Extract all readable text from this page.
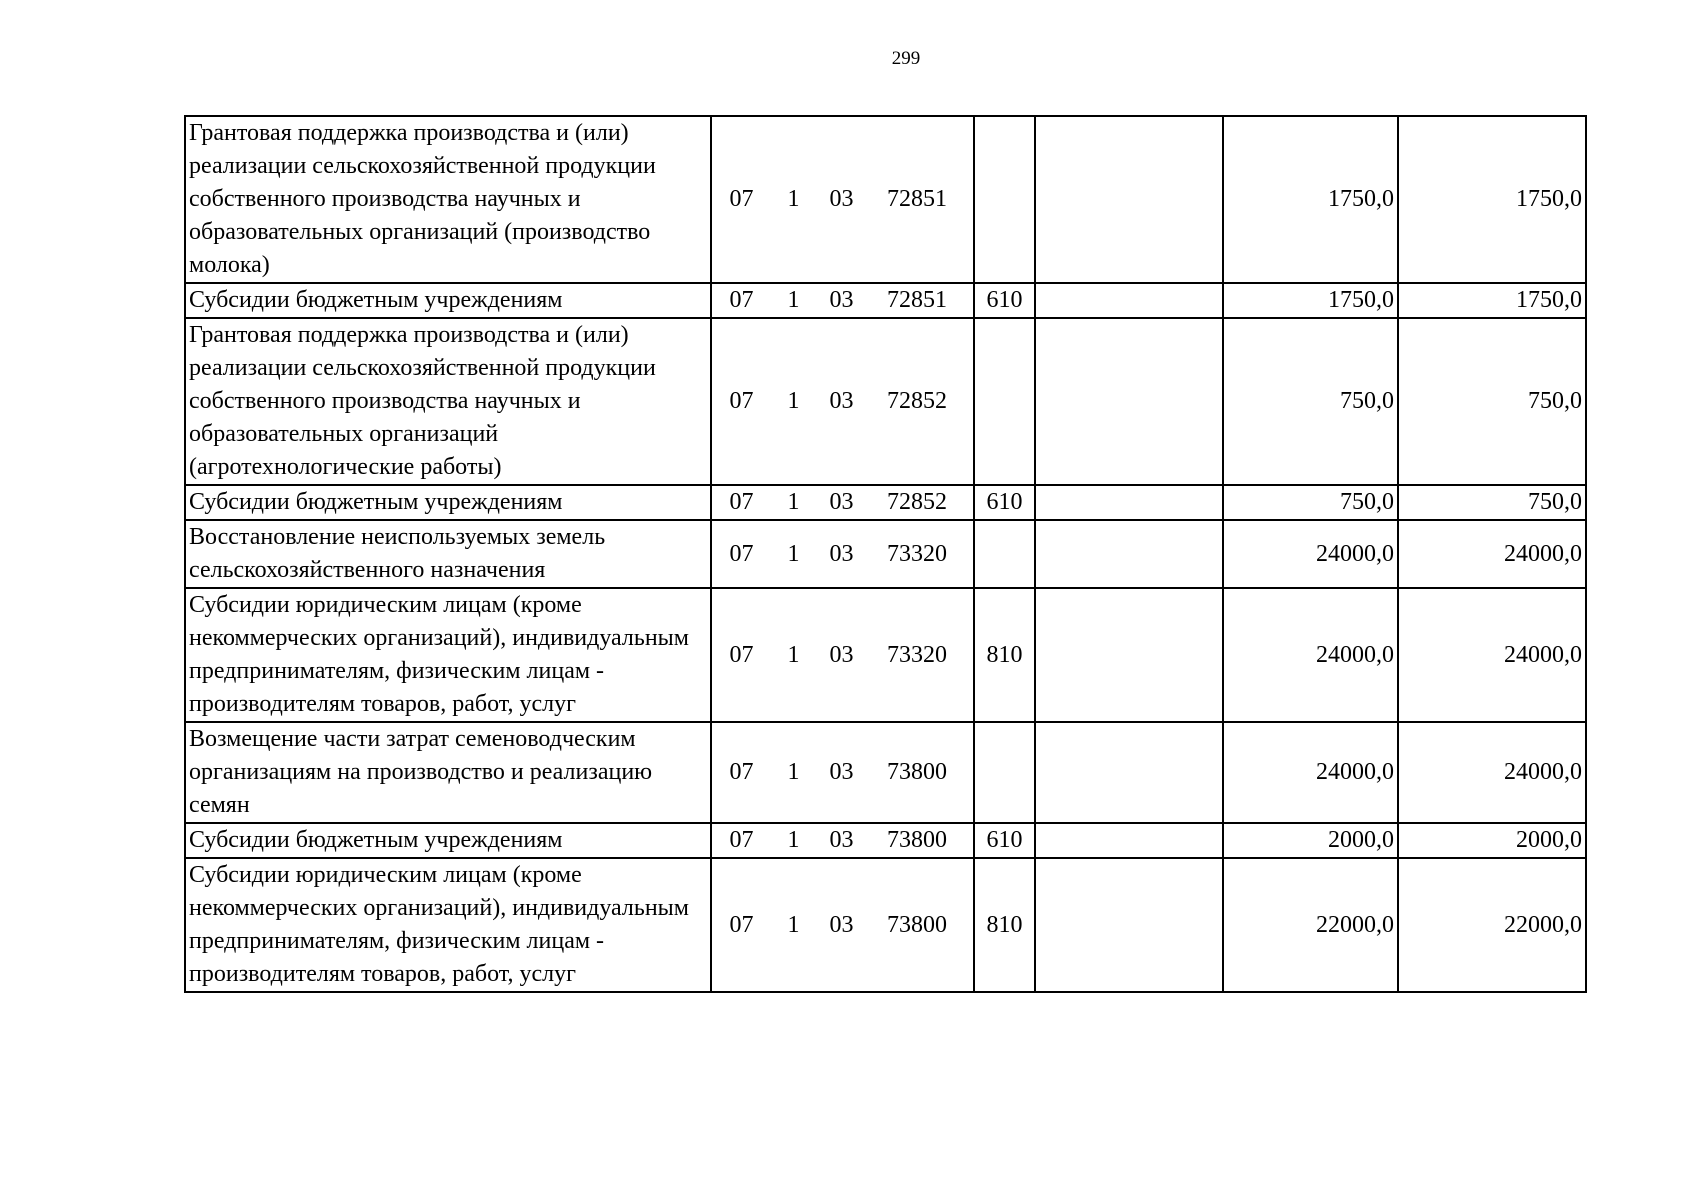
299
Грантовая поддержка производства и (или) реализации сельскохозяйственной продукции собственного производства научных и образовательных организаций (производство молока)	07 1 03 72851			1750,0	1750,0
Субсидии бюджетным учреждениям	07 1 03 72851	610		1750,0	1750,0
Грантовая поддержка производства и (или) реализации сельскохозяйственной продукции собственного производства научных и образовательных организаций (агротехнологические работы)	07 1 03 72852			750,0	750,0
Субсидии бюджетным учреждениям	07 1 03 72852	610		750,0	750,0
Восстановление неиспользуемых земель сельскохозяйственного назначения	07 1 03 73320			24000,0	24000,0
Субсидии юридическим лицам (кроме некоммерческих организаций), индивидуальным предпринимателям, физическим лицам - производителям товаров, работ, услуг	07 1 03 73320	810		24000,0	24000,0
Возмещение части затрат семеноводческим организациям на производство и реализацию семян	07 1 03 73800			24000,0	24000,0
Субсидии бюджетным учреждениям	07 1 03 73800	610		2000,0	2000,0
Субсидии юридическим лицам (кроме некоммерческих организаций), индивидуальным предпринимателям, физическим лицам - производителям товаров, работ, услуг	07 1 03 73800	810		22000,0	22000,0
